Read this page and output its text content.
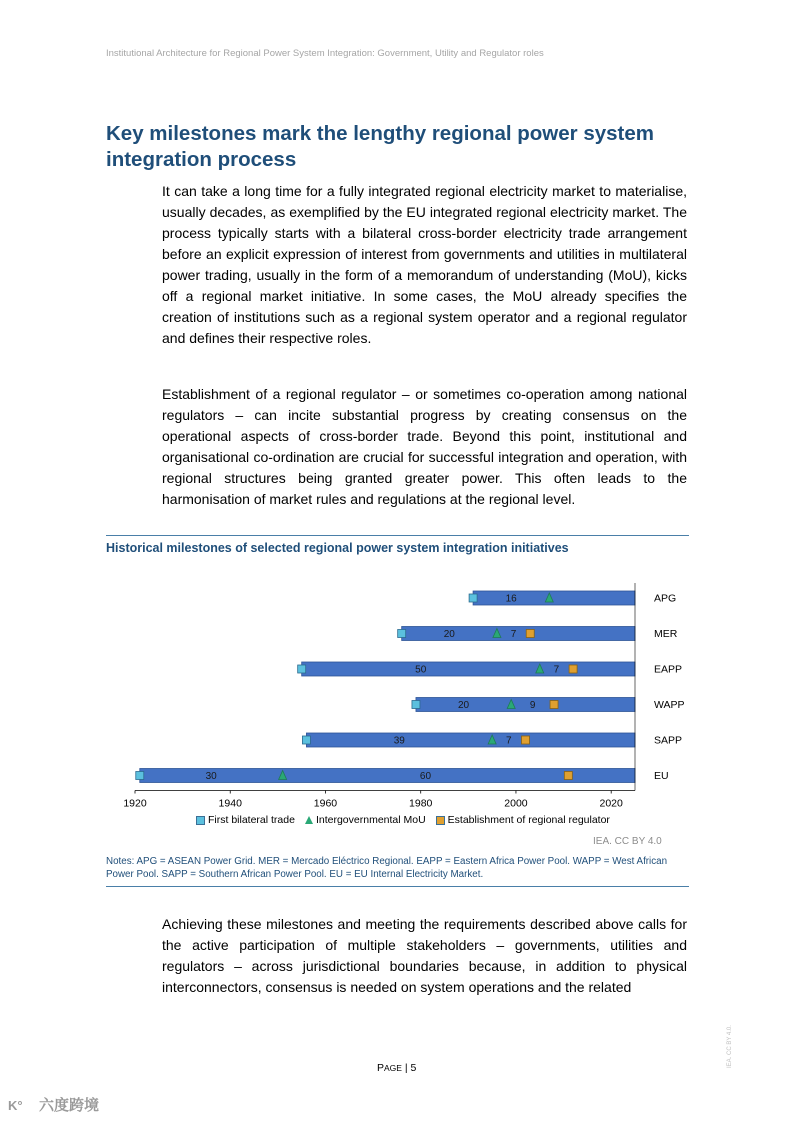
Institutional Architecture for Regional Power System Integration: Government, Utility and Regulator roles
Key milestones mark the lengthy regional power system integration process

It can take a long time for a fully integrated regional electricity market to materialise, usually decades, as exemplified by the EU integrated regional electricity market. The process typically starts with a bilateral cross-border electricity trade arrangement before an explicit expression of interest from governments and utilities in multilateral power trading, usually in the form of a memorandum of understanding (MoU), kicks off a regional market initiative. In some cases, the MoU already specifies the creation of institutions such as a regional system operator and a regional regulator and defines their respective roles.

Establishment of a regional regulator – or sometimes co-operation among national regulators – can incite substantial progress by creating consensus on the operational aspects of cross-border trade. Beyond this point, institutional and organisational co-ordination are crucial for successful integration and operation, with regional structures being granted greater power. This often leads to the harmonisation of market rules and regulations at the regional level.

Historical milestones of selected regional power system integration initiatives
16	APG
20	7	MER
50	7	EAPP
20	9	WAPP
39	7	SAPP
30	60	EU
1920	1940	1960	1980	2000	2020
First bilateral trade Intergovernmental MoU Establishment of regional regulator
IEA. CC BY 4.0

Notes: APG = ASEAN Power Grid. MER = Mercado Eléctrico Regional. EAPP = Eastern Africa Power Pool. WAPP = West African Power Pool. SAPP = Southern African Power Pool. EU = EU Internal Electricity Market.

Achieving these milestones and meeting the requirements described above calls for the active participation of multiple stakeholders – governments, utilities and regulators – across jurisdictional boundaries because, in addition to physical interconnectors, consensus is needed on system operations and the related

PAGE | 5	IEA. CC BY 4.0.
K° 六度跨境
